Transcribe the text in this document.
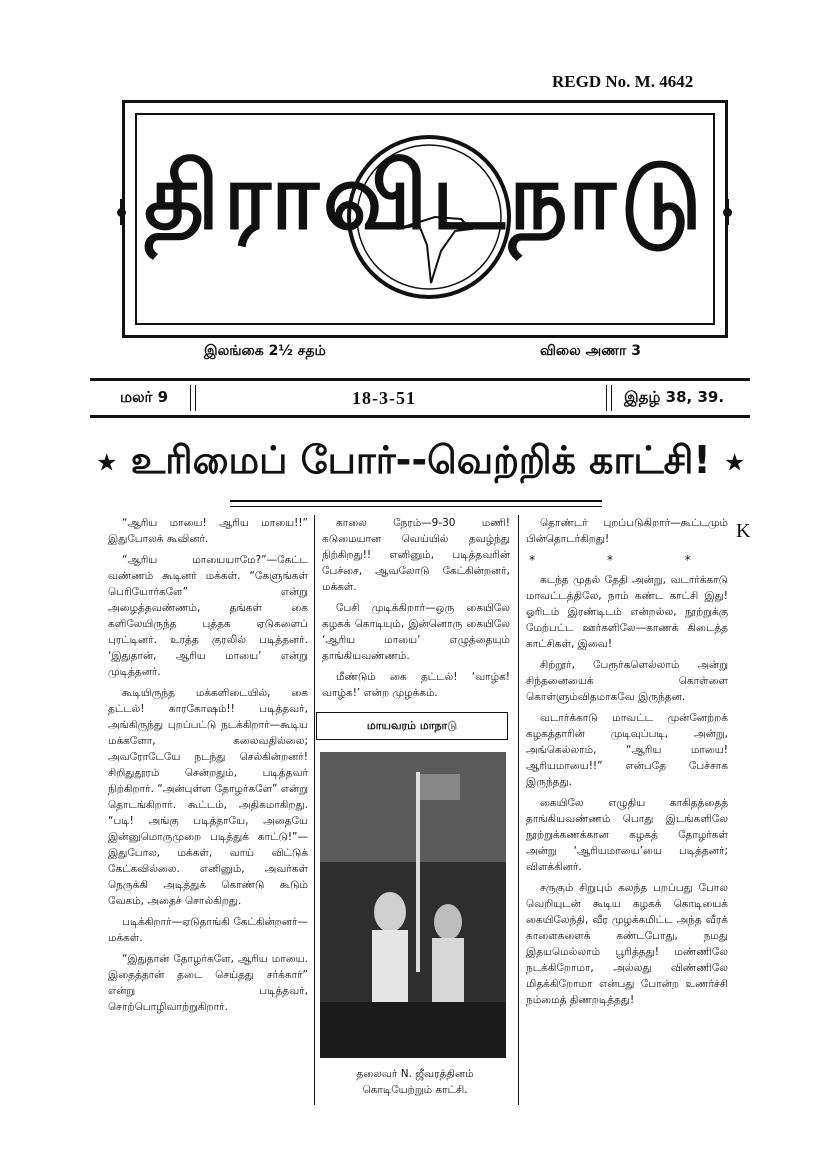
REGD No. M. 4642
திராவிடநாடு
இலங்கை 2½ சதம்	விலை அணா 3
மலர் 9	18-3-51	இதழ் 38, 39.
★ உரிமைப் போர்--வெற்றிக் காட்சி! ★

“ஆரிய மாயை! ஆரிய மாயை!!” இதுபோலக் கூவினர்.

“ஆரிய மாயையாமே?”—கேட்ட வண்ணம் கூடினர் மக்கள். “கேளுங்கள் பெரியோர்களே” என்று அழைத்தவண்ணம், தங்கள் கை களிலேயிருந்த புத்தக ஏடுகளைப் புரட்டினர். உரத்த குரலில் படித்தனர். ‘இதுதான், ஆரிய மாயை’ என்று முடித்தனர்.

கூடியிருந்த மக்களிடையில், கை தட்டல்! காரகோஷம்!! படித்தவர், அங்கிருந்து புறப்பட்டு நடக்கிறார்—கூடிய மக்களோ, கலைவதில்லை; அவரோடேயே நடந்து செல்கின்றனர்! சிறிதுதூரம் சென்றதும், படித்தவர் நிற்கிறார். “அன்புள்ள தோழர்களே” என்று தொடங்கிறார். கூட்டம், அதிகமாகிறது. “படி! அங்கு படித்தாயே, அதையே இன்னுமொருமுறை படித்துக் காட்டு!”—இதுபோல, மக்கள், வாய் விட்டுக் கேட்கவில்லை. எனினும், அவர்கள் நெருக்கி அடித்துக் கொண்டு கூடும் வேகம், அதைச் சொல்கிறது.

படிக்கிறார்—ஏடுதாங்கி கேட்கின்றனர்—மக்கள்.

“இதுதான் தோழர்களே, ஆரிய மாயை. இதைத்தான் தடை செய்தது சர்க்கார்” என்று படித்தவர், சொற்பொழிவாற்றுகிறார்.

காலை நேரம்—9-30 மணி! கடுமையான வெய்யில் தவழ்ந்து நிற்கிறது!! எனினும், படித்தவரின் பேச்சை, ஆவலோடு கேட்கின்றனர், மக்கள்.

பேசி முடிக்கிறார்—ஒரு கையிலே கழகக் கொடியும், இன்னொரு கையிலே ‘ஆரிய மாயை’ எழுத்தையும் தாங்கியவண்ணம்.

மீண்டும் கை தட்டல்! ‘வாழ்க! வாழ்க!’ என்ற முழக்கம்.

மாயவரம் மாநாடு
தலைவர் N. ஜீவரத்தினம்
கொடியேற்றும் காட்சி.

தொண்டர் புறப்படுகிறார்—கூட்டமும் பின்தொடர்கிறது!

* * *

கடந்த முதல் தேதி அன்று, வடார்க்காடு மாவட்டத்திலே, நாம் கண்ட காட்சி இது! ஓரிடம் இரண்டிடம் என்றல்ல, நூற்றுக்கு மேற்பட்ட ஊர்களிலே—காணக் கிடைத்த காட்சிகள், இவை!

சிற்றூர், பேரூர்களெல்லாம் அன்று சிந்தனையைக் கொள்ளை கொள்ளும்விதமாகவே இருந்தன.

வடார்க்காடு மாவட்ட முன்னேற்றக் கழகத்தாரின் முடிவுப்படி, அன்று, அங்கெல்லாம், “ஆரிய மாயை! ஆரியமாயை!!” என்பதே பேச்சாக இருந்தது.

கையிலே எழுதிய காகிதத்தைத் தாங்கியவண்ணம் பொது இடங்களிலே நூற்றுக்கணக்கான கழகத் தோழர்கள் அன்று ‘ஆரியமாயை’யை படித்தனர்; விளக்கினர்.

சருகும் சிறுபும் கலந்த பறப்பது போல வெறியுடன் கூடிய கழகக் கொடியைக் கையிலேந்தி, வீர முழக்கமிட்ட அந்த வீரக் காளைகளைக் கண்டபோது, நமது இதயமெல்லாம் பூரித்தது! மண்ணிலே நடக்கிறோமா, அல்லது விண்ணிலே மிதக்கிறோமா என்பது போன்ற உணர்ச்சி நம்மைத் திணறடித்தது!

K
